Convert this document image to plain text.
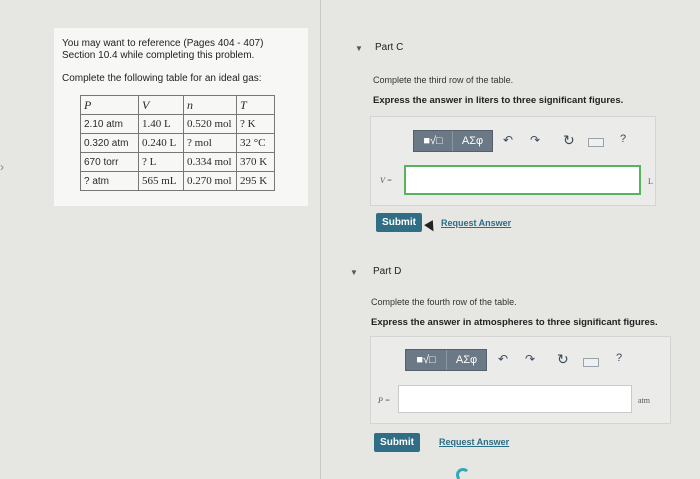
›
You may want to reference (Pages 404 - 407)
Section 10.4 while completing this problem.
Complete the following table for an ideal gas:
P	V	n	T
2.10 atm	1.40 L	0.520 mol	? K
0.320 atm	0.240 L	? mol	32 °C
670 torr	? L	0.334 mol	370 K
? atm	565 mL	0.270 mol	295 K
▼ Part C
Complete the third row of the table.
Express the answer in liters to three significant figures.
■√□	ΑΣφ	↶ ↷ ↻	?
V =	L
Submit	Request Answer
▼ Part D
Complete the fourth row of the table.
Express the answer in atmospheres to three significant figures.
■√□	ΑΣφ	↶ ↷ ↻	?
P =	atm
Submit	Request Answer
